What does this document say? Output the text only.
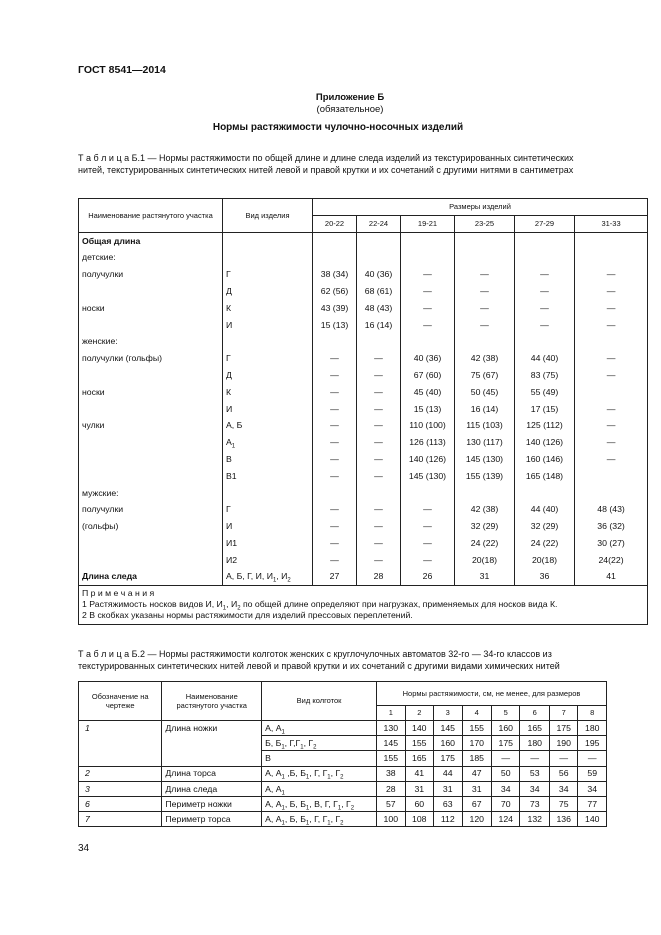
ГОСТ 8541—2014
Приложение Б
(обязательное)
Нормы растяжимости чулочно-носочных изделий
Т а б л и ц а Б.1 — Нормы растяжимости по общей длине и длине следа изделий из текстурированных синтетических нитей, текстурированных синтетических нитей левой и правой крутки и их сочетаний с другими нитями в сантиметрах
Наименование растянутого участка	Вид изделия	Размеры изделий					
		20-22	22-24	19-21	23-25	27-29	31-33
Общая длина							
детские:							
получулки	Г	38 (34)	40 (36)	—	—	—	—
	Д	62 (56)	68 (61)	—	—	—	—
носки	К	43 (39)	48 (43)	—	—	—	—
	И	15 (13)	16 (14)	—	—	—	—
женские:							
получулки (гольфы)	Г	—	—	40 (36)	42 (38)	44 (40)	—
	Д	—	—	67 (60)	75 (67)	83 (75)	—
носки	К	—	—	45 (40)	50 (45)	55 (49)	
	И	—	—	15 (13)	16 (14)	17 (15)	—
чулки	А, Б	—	—	110 (100)	115 (103)	125 (112)	—
	$А_1$	—	—	126 (113)	130 (117)	140 (126)	—
	В	—	—	140 (126)	145 (130)	160 (146)	—
	В1	—	—	145 (130)	155 (139)	165 (148)	
мужские:							
получулки	Г	—	—	—	42 (38)	44 (40)	48 (43)
(гольфы)	И	—	—	—	32 (29)	32 (29)	36 (32)
	И1	—	—	—	24 (22)	24 (22)	30 (27)
	И2	—	—	—	20(18)	20(18)	24(22)
Длина следа	А, Б, Г, И, $И_1$, $И_2$	27	28	26	31	36	41

П р и м е ч а н и я
1 Растяжимость носков видов И, $И_1$, $И_2$ по общей длине определяют при нагрузках, применяемых для носков вида К.
2 В скобках указаны нормы растяжимости для изделий прессовых переплетений.							
Т а б л и ц а Б.2 — Нормы растяжимости колготок женских с круглочулочных автоматов 32-го — 34-го классов из текстурированных синтетических нитей левой и правой крутки и их сочетаний с другими видами химических нитей
Обозначение на чертеже	Наименование растянутого участка	Вид колготок	Нормы растяжимости, см, не менее, для размеров							
			1	2	3	4	5	6	7	8
1	Длина ножки	А, $А_1$	130	140	145	155	160	165	175	180
		Б, $Б_1$, $Г,Г_1$, $Г_2$	145	155	160	170	175	180	190	195
		В	155	165	175	185	—	—	—	—
2	Длина торса	А, $А_1$ ,Б, $Б_1$, Г, $Г_1$, $Г_2$	38	41	44	47	50	53	56	59
3	Длина следа	А, $А_1$	28	31	31	31	34	34	34	34
6	Периметр ножки	А, $А_1$, Б, $Б_1$, В, Г, $Г_1$, $Г_2$	57	60	63	67	70	73	75	77
7	Периметр торса	А, $А_1$, Б, $Б_1$, Г, $Г_1$, $Г_2$	100	108	112	120	124	132	136	140
34
